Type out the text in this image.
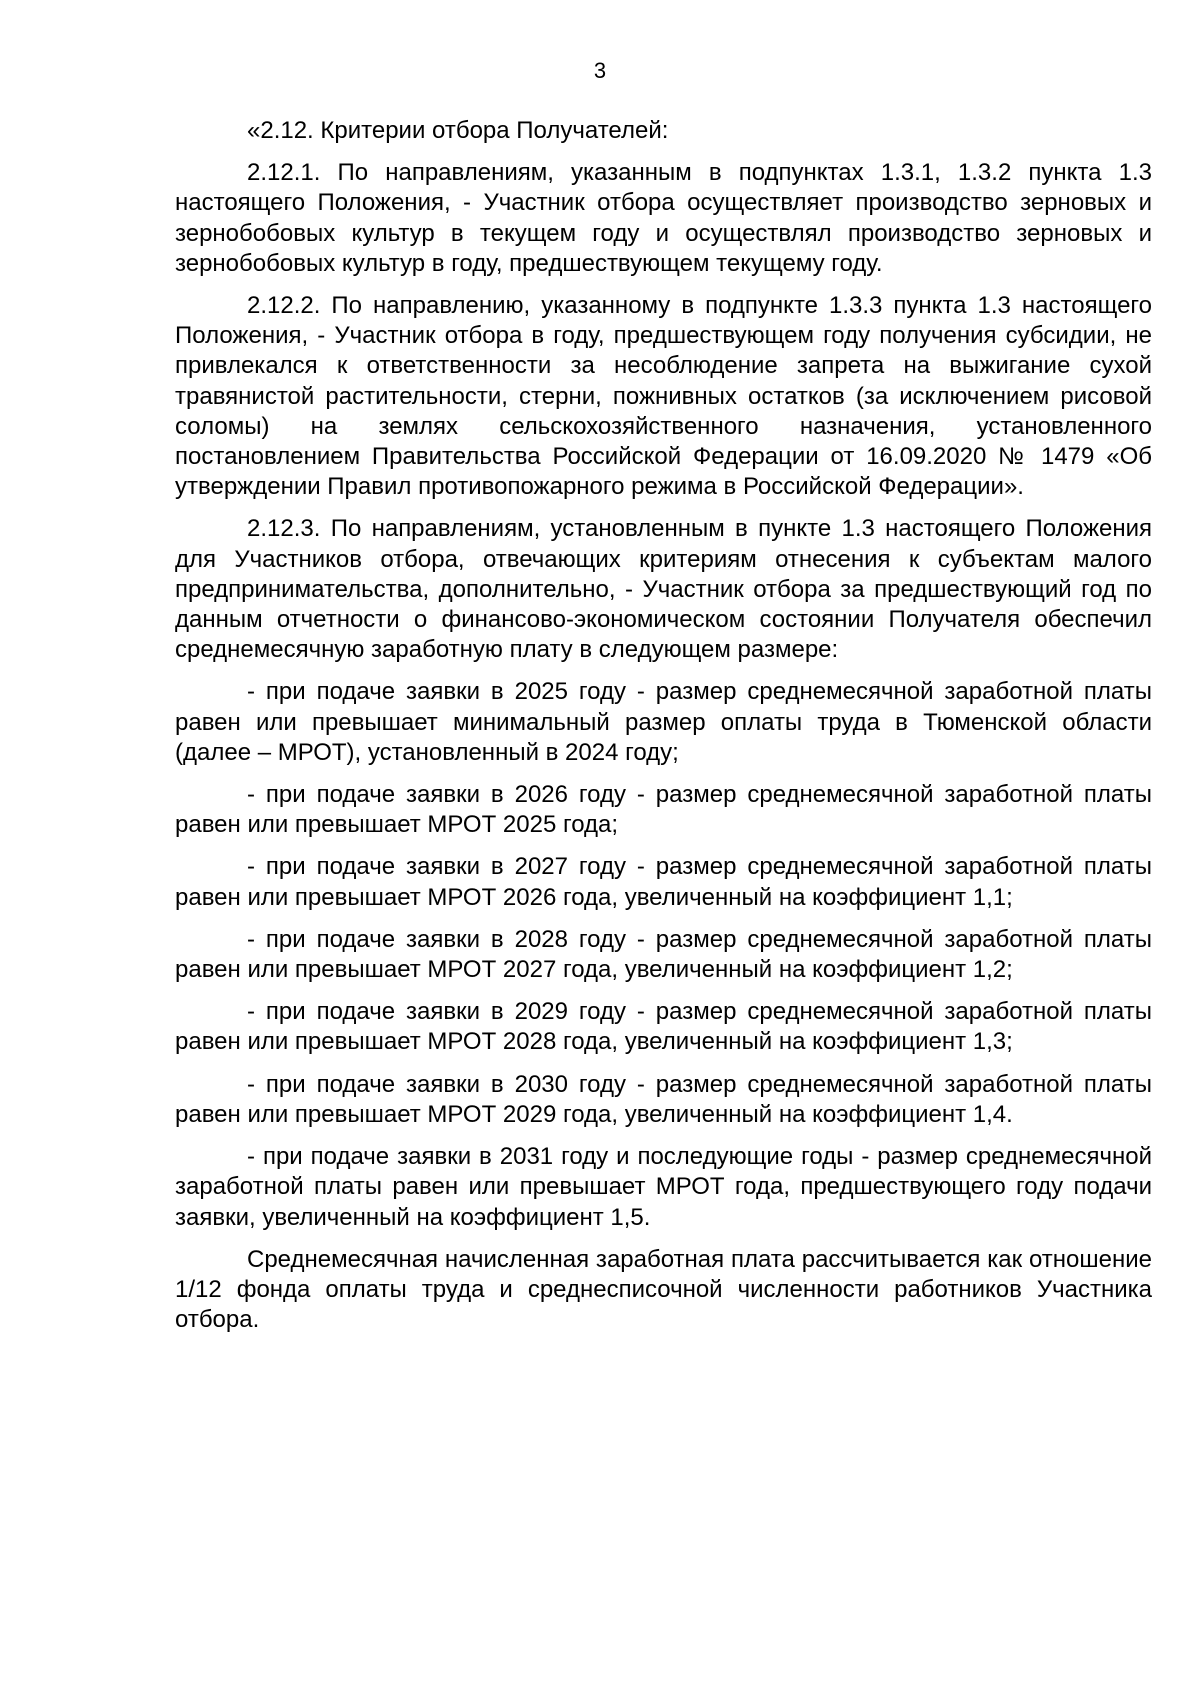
3

«2.12. Критерии отбора Получателей:

2.12.1. По направлениям, указанным в подпунктах 1.3.1, 1.3.2 пункта 1.3 настоящего Положения, - Участник отбора осуществляет производство зерновых и зернобобовых культур в текущем году и осуществлял производство зерновых и зернобобовых культур в году, предшествующем текущему году.

2.12.2. По направлению, указанному в подпункте 1.3.3 пункта 1.3 настоящего Положения, - Участник отбора в году, предшествующем году получения субсидии, не привлекался к ответственности за несоблюдение запрета на выжигание сухой травянистой растительности, стерни, пожнивных остатков (за исключением рисовой соломы) на землях сельскохозяйственного назначения, установленного постановлением Правительства Российской Федерации от 16.09.2020 № 1479 «Об утверждении Правил противопожарного режима в Российской Федерации».

2.12.3. По направлениям, установленным в пункте 1.3 настоящего Положения для Участников отбора, отвечающих критериям отнесения к субъектам малого предпринимательства, дополнительно, - Участник отбора за предшествующий год по данным отчетности о финансово-экономическом состоянии Получателя обеспечил среднемесячную заработную плату в следующем размере:

- при подаче заявки в 2025 году - размер среднемесячной заработной платы равен или превышает минимальный размер оплаты труда в Тюменской области (далее – МРОТ), установленный в 2024 году;

- при подаче заявки в 2026 году - размер среднемесячной заработной платы равен или превышает МРОТ 2025 года;

- при подаче заявки в 2027 году - размер среднемесячной заработной платы равен или превышает МРОТ 2026 года, увеличенный на коэффициент 1,1;

- при подаче заявки в 2028 году - размер среднемесячной заработной платы равен или превышает МРОТ 2027 года, увеличенный на коэффициент 1,2;

- при подаче заявки в 2029 году - размер среднемесячной заработной платы равен или превышает МРОТ 2028 года, увеличенный на коэффициент 1,3;

- при подаче заявки в 2030 году - размер среднемесячной заработной платы равен или превышает МРОТ 2029 года, увеличенный на коэффициент 1,4.

- при подаче заявки в 2031 году и последующие годы - размер среднемесячной заработной платы равен или превышает МРОТ года, предшествующего году подачи заявки, увеличенный на коэффициент 1,5.

Среднемесячная начисленная заработная плата рассчитывается как отношение 1/12 фонда оплаты труда и среднесписочной численности работников Участника отбора.
